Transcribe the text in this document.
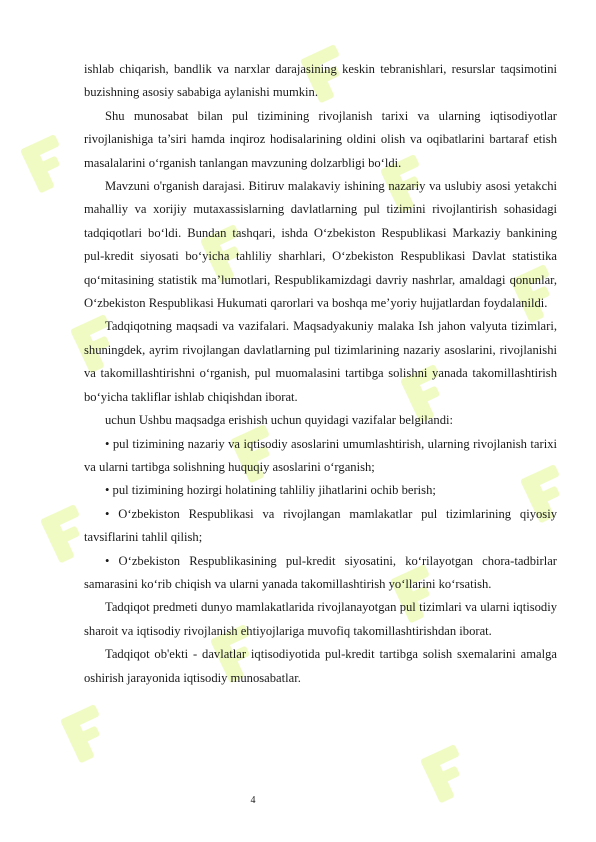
ishlab chiqarish, bandlik va narxlar darajasining keskin tebranishlari, resurslar taqsimotini buzishning asosiy sababiga aylanishi mumkin.

Shu munosabat bilan pul tizimining rivojlanish tarixi va ularning iqtisodiyotlar rivojlanishiga ta’siri hamda inqiroz hodisalarining oldini olish va oqibatlarini bartaraf etish masalalarini o‘rganish tanlangan mavzuning dolzarbligi bo‘ldi.

Mavzuni o'rganish darajasi. Bitiruv malakaviy ishining nazariy va uslubiy asosi yetakchi mahalliy va xorijiy mutaxassislarning davlatlarning pul tizimini rivojlantirish sohasidagi tadqiqotlari bo‘ldi. Bundan tashqari, ishda O‘zbekiston Respublikasi Markaziy bankining pul-kredit siyosati bo‘yicha tahliliy sharhlari, O‘zbekiston Respublikasi Davlat statistika qo‘mitasining statistik ma’lumotlari, Respublikamizdagi davriy nashrlar, amaldagi qonunlar, O‘zbekiston Respublikasi Hukumati qarorlari va boshqa me’yoriy hujjatlardan foydalanildi.

Tadqiqotning maqsadi va vazifalari. Maqsadyakuniy malaka Ish jahon valyuta tizimlari, shuningdek, ayrim rivojlangan davlatlarning pul tizimlarining nazariy asoslarini, rivojlanishi va takomillashtirishni o‘rganish, pul muomalasini tartibga solishni yanada takomillashtirish bo‘yicha takliflar ishlab chiqishdan iborat.

uchun Ushbu maqsadga erishish uchun quyidagi vazifalar belgilandi:

• pul tizimining nazariy va iqtisodiy asoslarini umumlashtirish, ularning rivojlanish tarixi va ularni tartibga solishning huquqiy asoslarini o‘rganish;

• pul tizimining hozirgi holatining tahliliy jihatlarini ochib berish;

• O‘zbekiston Respublikasi va rivojlangan mamlakatlar pul tizimlarining qiyosiy tavsiflarini tahlil qilish;

• O‘zbekiston Respublikasining pul-kredit siyosatini, ko‘rilayotgan chora-tadbirlar samarasini ko‘rib chiqish va ularni yanada takomillashtirish yo‘llarini ko‘rsatish.

Tadqiqot predmeti dunyo mamlakatlarida rivojlanayotgan pul tizimlari va ularni iqtisodiy sharoit va iqtisodiy rivojlanish ehtiyojlariga muvofiq takomillashtirishdan iborat.

Tadqiqot ob'ekti - davlatlar iqtisodiyotida pul-kredit tartibga solish sxemalarini amalga oshirish jarayonida iqtisodiy munosabatlar.

4
